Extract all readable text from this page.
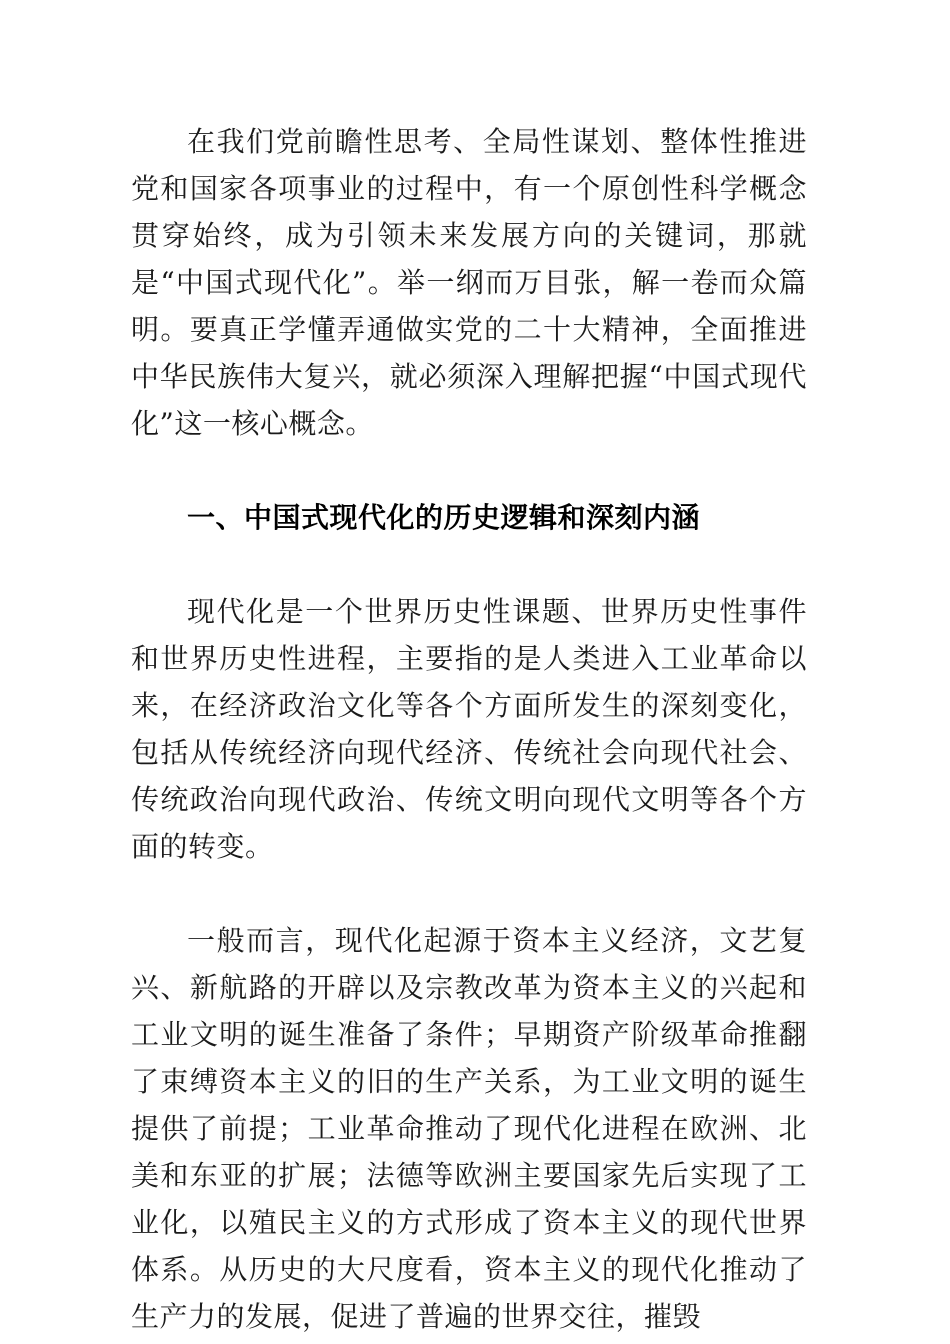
在我们党前瞻性思考、全局性谋划、整体性推进党和国家各项事业的过程中，有一个原创性科学概念贯穿始终，成为引领未来发展方向的关键词，那就是“中国式现代化”。举一纲而万目张，解一卷而众篇明。要真正学懂弄通做实党的二十大精神，全面推进中华民族伟大复兴，就必须深入理解把握“中国式现代化”这一核心概念。

一、中国式现代化的历史逻辑和深刻内涵

现代化是一个世界历史性课题、世界历史性事件和世界历史性进程，主要指的是人类进入工业革命以来，在经济政治文化等各个方面所发生的深刻变化，包括从传统经济向现代经济、传统社会向现代社会、传统政治向现代政治、传统文明向现代文明等各个方面的转变。

一般而言，现代化起源于资本主义经济，文艺复兴、新航路的开辟以及宗教改革为资本主义的兴起和工业文明的诞生准备了条件；早期资产阶级革命推翻了束缚资本主义的旧的生产关系，为工业文明的诞生提供了前提；工业革命推动了现代化进程在欧洲、北美和东亚的扩展；法德等欧洲主要国家先后实现了工业化，以殖民主义的方式形成了资本主义的现代世界体系。从历史的大尺度看，资本主义的现代化推动了生产力的发展，促进了普遍的世界交往，摧毁
